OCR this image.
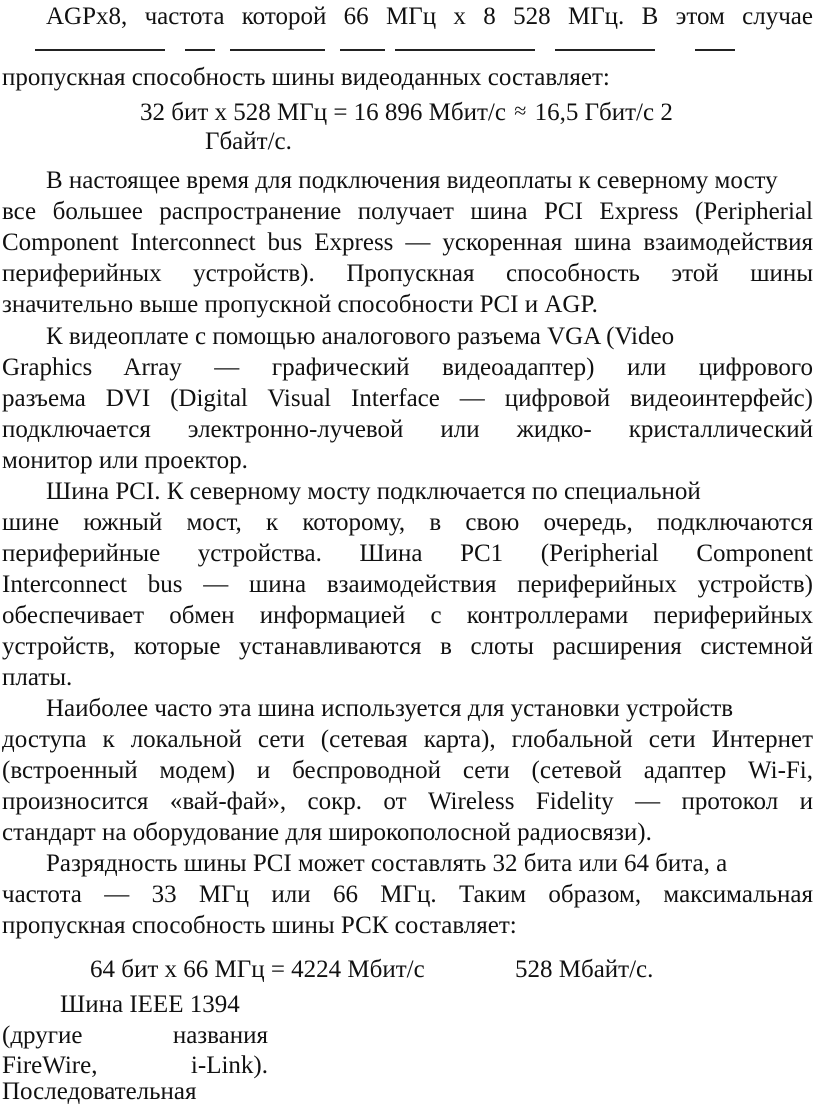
AGPx8, частота которой 66 МГц x 8 528 МГц. В этом случае
пропускная способность шины видеоданных составляет:
32 бит x 528 МГц = 16 896 Мбит/с ≈ 16,5 Гбит/с 2
Гбайт/с.
В настоящее время для подключения видеоплаты к северному мосту
все большее распространение получает шина PCI Express (Peripherial
Component Interconnect bus Express — ускоренная шина взаимодействия
периферийных устройств). Пропускная способность этой шины
значительно выше пропускной способности PCI и AGP.
К видеоплате с помощью аналогового разъема VGA (Video
Graphics Array — графический видеоадаптер) или цифрового
разъема DVI (Digital Visual Interface — цифровой видеоинтерфейс)
подключается электронно-лучевой или жидко- кристаллический
монитор или проектор.
Шина PCI. К северному мосту подключается по специальной
шине южный мост, к которому, в свою очередь, подключаются
периферийные устройства. Шина PC1 (Peripherial Component
Interconnect bus — шина взаимодействия периферийных устройств)
обеспечивает обмен информацией с контроллерами периферийных
устройств, которые устанавливаются в слоты расширения системной
платы.
Наиболее часто эта шина используется для установки устройств
доступа к локальной сети (сетевая карта), глобальной сети Интернет
(встроенный модем) и беспроводной сети (сетевой адаптер Wi-Fi,
произносится «вай-фай», сокр. от Wireless Fidelity — протокол и
стандарт на оборудование для широкополосной радиосвязи).
Разрядность шины PCI может составлять 32 бита или 64 бита, а
частота — 33 МГц или 66 МГц. Таким образом, максимальная
пропускная способность шины РСК составляет:
64 бит x 66 МГц = 4224 Мбит/с	528 Мбайт/с.
Шина IEEE 1394
(другие названия
FireWire, i-Link).
Последовательная
